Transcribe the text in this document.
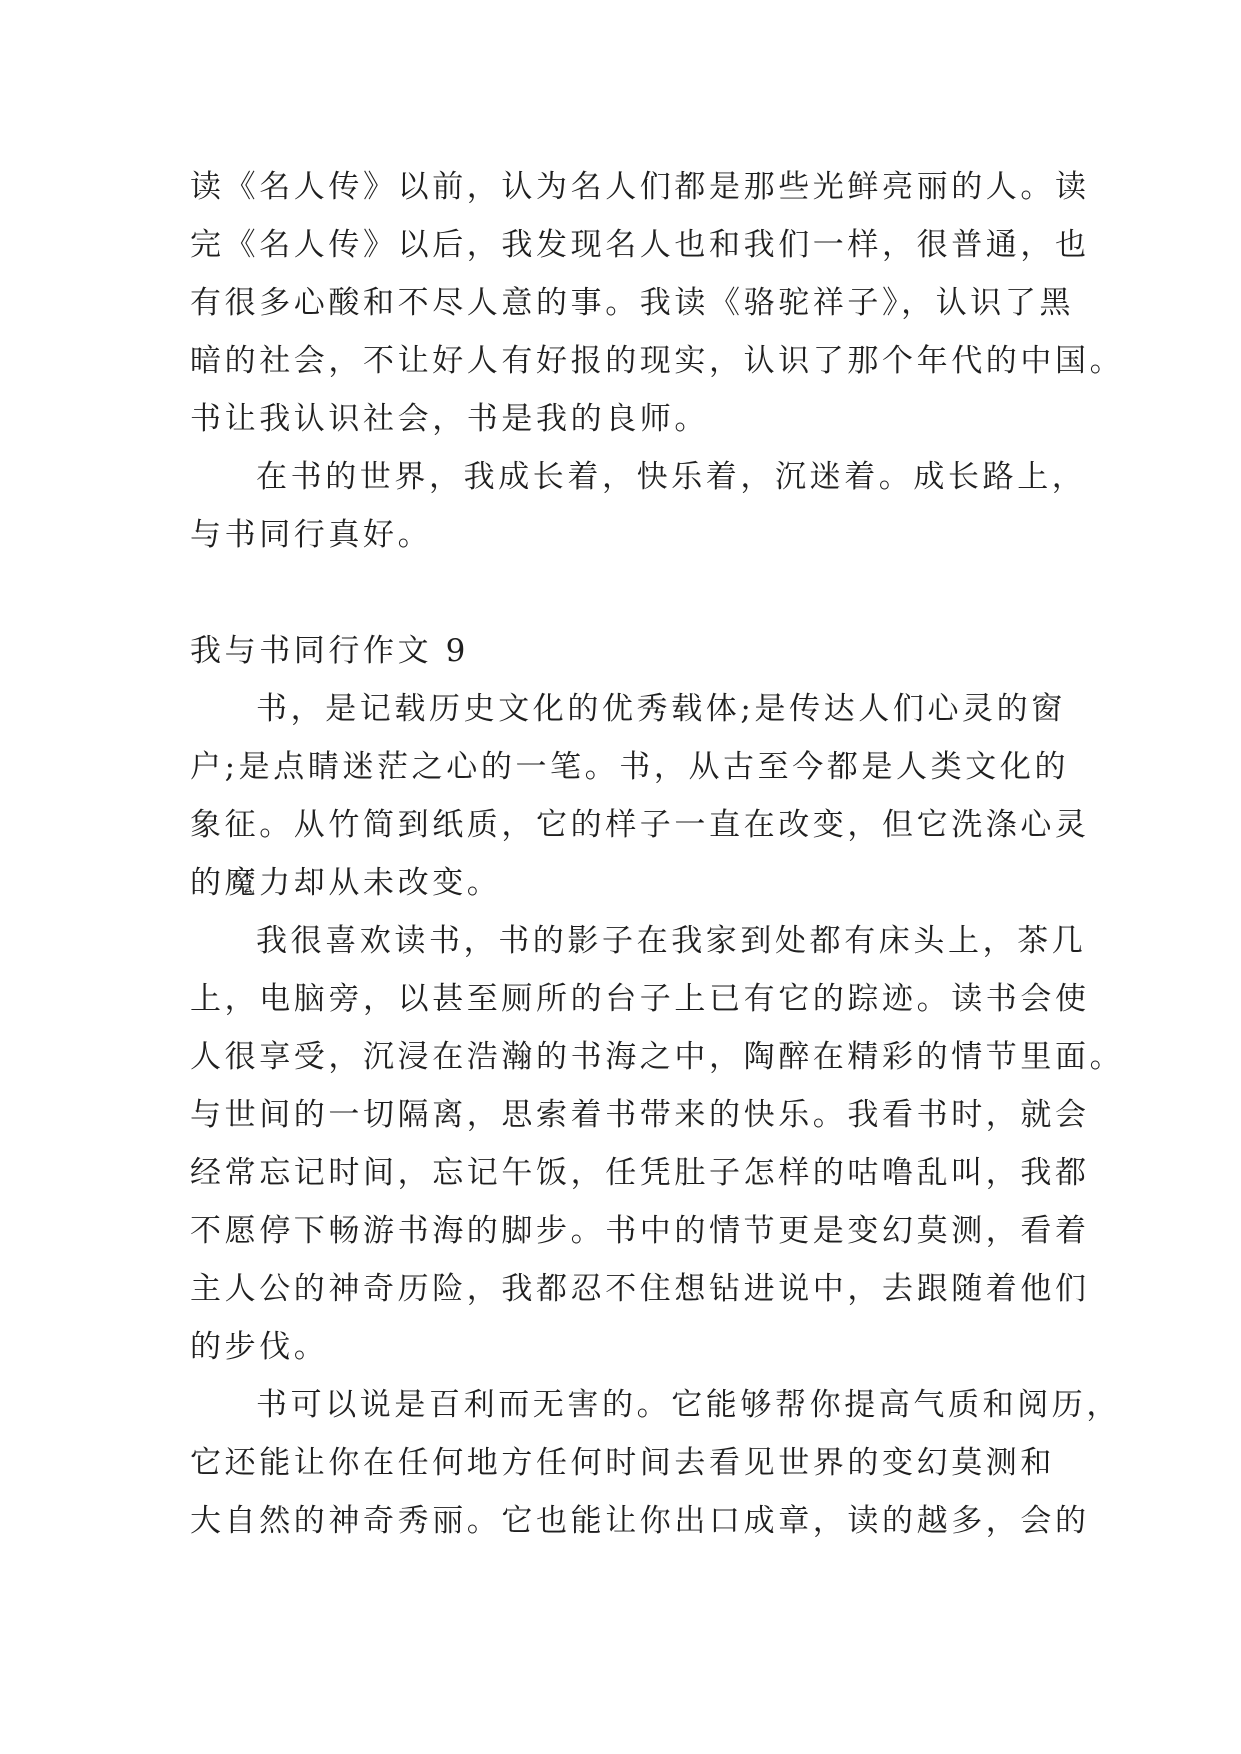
读《名人传》以前，认为名人们都是那些光鲜亮丽的人。读
完《名人传》以后，我发现名人也和我们一样，很普通，也
有很多心酸和不尽人意的事。我读《骆驼祥子》，认识了黑
暗的社会，不让好人有好报的现实，认识了那个年代的中国。
书让我认识社会，书是我的良师。
在书的世界，我成长着，快乐着，沉迷着。成长路上，
与书同行真好。
我与书同行作文 9
书，是记载历史文化的优秀载体;是传达人们心灵的窗
户;是点睛迷茫之心的一笔。书，从古至今都是人类文化的
象征。从竹简到纸质，它的样子一直在改变，但它洗涤心灵
的魔力却从未改变。
我很喜欢读书，书的影子在我家到处都有床头上，茶几
上，电脑旁，以甚至厕所的台子上已有它的踪迹。读书会使
人很享受，沉浸在浩瀚的书海之中，陶醉在精彩的情节里面。
与世间的一切隔离，思索着书带来的快乐。我看书时，就会
经常忘记时间，忘记午饭，任凭肚子怎样的咕噜乱叫，我都
不愿停下畅游书海的脚步。书中的情节更是变幻莫测，看着
主人公的神奇历险，我都忍不住想钻进说中，去跟随着他们
的步伐。
书可以说是百利而无害的。它能够帮你提高气质和阅历，
它还能让你在任何地方任何时间去看见世界的变幻莫测和
大自然的神奇秀丽。它也能让你出口成章，读的越多，会的
